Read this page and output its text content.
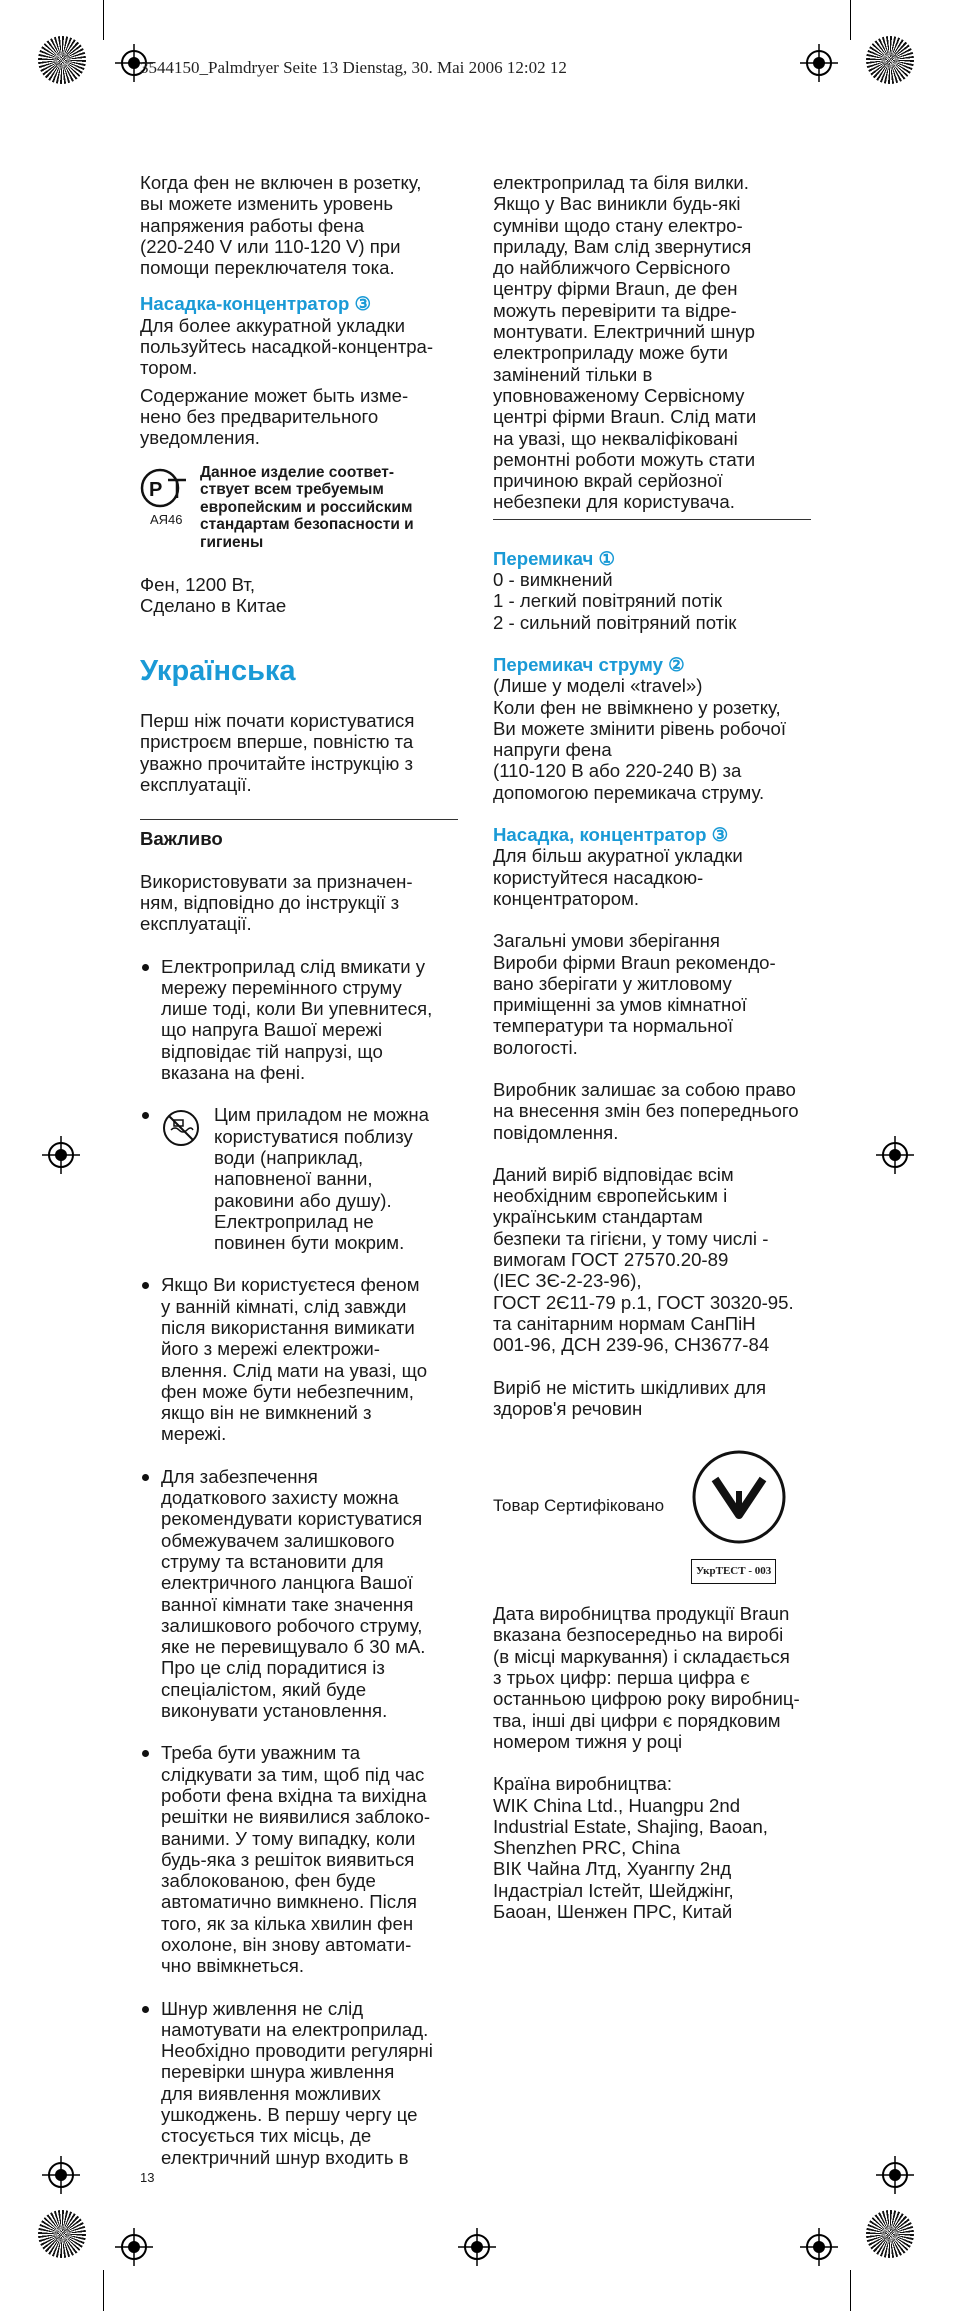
3544150_Palmdryer Seite 13 Dienstag, 30. Mai 2006 12:02 12

Когда фен не включен в розетку,
вы можете изменить уровень
напряжения работы фена
(220-240 V или 110-120 V) при
помощи переключателя тока.

Насадка-концентратор ③

Для более аккуратной укладки
пользуйтесь насадкой-концентра-
тором.

Содержание может быть изме-
нено без предварительного
уведомления.

P
АЯ46
Данное изделие соответ-
ствует всем требуемым
европейским и российским
стандартам безопасности и
гигиены

Фен, 1200 Вт,
Сделано в Китае

Українська

Перш ніж почати користуватися
пристроєм вперше, повністю та
уважно прочитайте інструкцію з
експлуатації.

Важливо

Використовувати за призначен-
ням, відповідно до інструкції з
експлуатації.

Електроприлад слід вмикати у
мережу перемінного струму
лише тоді, коли Ви упевнитеся,
що напруга Вашої мережі
відповідає тій напрузі, що
вказана на фені.
Цим приладом не можна
користуватися поблизу
води (наприклад,
наповненої ванни,
раковини або душу).
Електроприлад не
повинен бути мокрим.
Якщо Ви користуєтеся феном
у ванній кімнаті, слід завжди
після використання вимикати
його з мережі електрожи-
влення. Слід мати на увазі, що
фен може бути небезпечним,
якщо він не вимкнений з
мережі.
Для забезпечення
додаткового захисту можна
рекомендувати користуватися
обмежувачем залишкового
струму та встановити для
електричного ланцюга Вашої
ванної кімнати таке значення
залишкового робочого струму,
яке не перевищувало б 30 мА.
Про це слід порадитися із
спеціалістом, який буде
виконувати установлення.
Треба бути уважним та
слідкувати за тим, щоб під час
роботи фена вхідна та вихідна
решітки не виявилися заблоко-
ваними. У тому випадку, коли
будь-яка з решіток виявиться
заблокованою, фен буде
автоматично вимкнено. Після
того, як за кілька хвилин фен
охолоне, він знову автомати-
чно ввімкнеться.
Шнур живлення не слід
намотувати на електроприлад.
Необхідно проводити регулярні
перевірки шнура живлення
для виявлення можливих
ушкоджень. В першу чергу це
стосується тих місць, де
електричний шнур входить в
13

електроприлад та біля вилки.
Якщо у Вас виникли будь-які
сумніви щодо стану електро-
приладу, Вам слід звернутися
до найближчого Сервісного
центру фірми Braun, де фен
можуть перевірити та відре-
монтувати. Електричний шнур
електроприладу може бути
замінений тільки в
уповноваженому Сервісному
центрі фірми Braun. Слід мати
на увазі, що некваліфіковані
ремонтні роботи можуть стати
причиною вкрай серйозної
небезпеки для користувача.

Перемикач ①

0 - вимкнений
1 - легкий повітряний потік
2 - сильний повітряний потік

Перемикач струму ②

(Лише у моделі «travel»)
Коли фен не ввімкнено у розетку,
Ви можете змінити рівень робочої
напруги фена
(110-120 В або 220-240 В) за
допомогою перемикача струму.

Насадка, концентратор ③

Для більш акуратної укладки
користуйтеся насадкою-
концентратором.

Загальні умови зберігання
Вироби фірми Braun рекомендо-
вано зберігати у житловому
приміщенні за умов кімнатної
температури та нормальної
вологості.

Виробник залишає за собою право
на внесення змін без попереднього
повідомлення.

Даний виріб відповідає всім
необхідним європейським і
українським стандартам
безпеки та гігієни, у тому числі -
вимогам ГОСТ 27570.20-89
(IEC ЗЄ-2-23-96),
ГОСТ 2Є11-79 р.1, ГОСТ 30320-95.
та санітарним нормам СанПіН
001-96, ДСН 239-96, СН3677-84

Виріб не містить шкідливих для
здоров'я речовин

Товар Сертифіковано
УкрТЕСТ - 003

Дата виробництва продукції Braun
вказана безпосередньо на виробі
(в місці маркування) і складається
з трьох цифр: перша цифра є
останньою цифрою року виробниц-
тва, інші дві цифри є порядковим
номером тижня у році

Країна виробництва:
WIK China Ltd., Huangpu 2nd
Industrial Estate, Shajing, Baoan,
Shenzhen PRC, China
ВІК Чайна Лтд, Хуангпу 2нд
Індастріал Істейт, Шейджінг,
Баоан, Шенжен ПРС, Китай
